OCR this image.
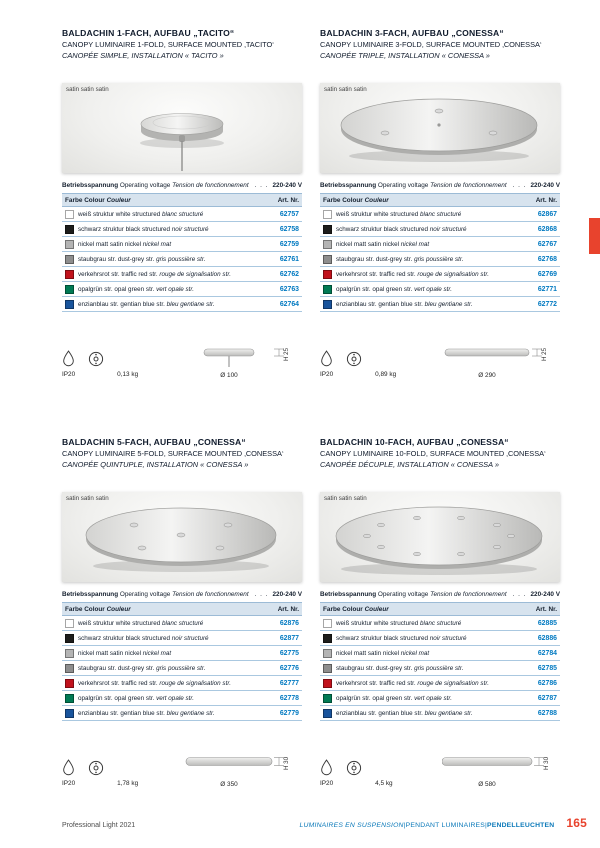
BALDACHIN 1-FACH, AUFBAU „TACITO“
CANOPY LUMINAIRE 1-FOLD, SURFACE MOUNTED ‚TACITO‘
CANOPÉE SIMPLE, INSTALLATION « TACITO »
satin satin satin
Betriebsspannung Operating voltage Tension de fonctionnement . . . 220-240 V
Farbe Colour Couleur	Art. Nr.
weiß struktur white structured blanc structuré	62757
schwarz struktur black structured noir structuré	62758
nickel matt satin nickel nickel mat	62759
staubgrau str. dust-grey str. gris poussière str.	62761
verkehrsrot str. traffic red str. rouge de signalisation str.	62762
opalgrün str. opal green str. vert opale str.	62763
enzianblau str. gentian blue str. bleu gentiane str.	62764
IP20
	0,13 kg
H 25
Ø 100
BALDACHIN 3-FACH, AUFBAU „CONESSA“
CANOPY LUMINAIRE 3-FOLD, SURFACE MOUNTED ‚CONESSA‘
CANOPÉE TRIPLE, INSTALLATION « CONESSA »
satin satin satin
Betriebsspannung Operating voltage Tension de fonctionnement . . . 220-240 V
Farbe Colour Couleur	Art. Nr.
weiß struktur white structured blanc structuré	62867
schwarz struktur black structured noir structuré	62868
nickel matt satin nickel nickel mat	62767
staubgrau str. dust-grey str. gris poussière str.	62768
verkehrsrot str. traffic red str. rouge de signalisation str.	62769
opalgrün str. opal green str. vert opale str.	62771
enzianblau str. gentian blue str. bleu gentiane str.	62772
IP20
	0,89 kg
H 25
Ø 290
BALDACHIN 5-FACH, AUFBAU „CONESSA“
CANOPY LUMINAIRE 5-FOLD, SURFACE MOUNTED ‚CONESSA‘
CANOPÉE QUINTUPLE, INSTALLATION « CONESSA »
satin satin satin
Betriebsspannung Operating voltage Tension de fonctionnement . . . 220-240 V
Farbe Colour Couleur	Art. Nr.
weiß struktur white structured blanc structuré	62876
schwarz struktur black structured noir structuré	62877
nickel matt satin nickel nickel mat	62775
staubgrau str. dust-grey str. gris poussière str.	62776
verkehrsrot str. traffic red str. rouge de signalisation str.	62777
opalgrün str. opal green str. vert opale str.	62778
enzianblau str. gentian blue str. bleu gentiane str.	62779
IP20
	1,78 kg
H 30
Ø 350
BALDACHIN 10-FACH, AUFBAU „CONESSA“
CANOPY LUMINAIRE 10-FOLD, SURFACE MOUNTED ‚CONESSA‘
CANOPÉE DÉCUPLE, INSTALLATION « CONESSA »
satin satin satin
Betriebsspannung Operating voltage Tension de fonctionnement . . . 220-240 V
Farbe Colour Couleur	Art. Nr.
weiß struktur white structured blanc structuré	62885
schwarz struktur black structured noir structuré	62886
nickel matt satin nickel nickel mat	62784
staubgrau str. dust-grey str. gris poussière str.	62785
verkehrsrot str. traffic red str. rouge de signalisation str.	62786
opalgrün str. opal green str. vert opale str.	62787
enzianblau str. gentian blue str. bleu gentiane str.	62788
IP20
	4,5 kg
H 30
Ø 580
Professional Light 2021	LUMINAIRES EN SUSPENSION | PENDANT LUMINAIRES | PENDELLEUCHTEN 165
